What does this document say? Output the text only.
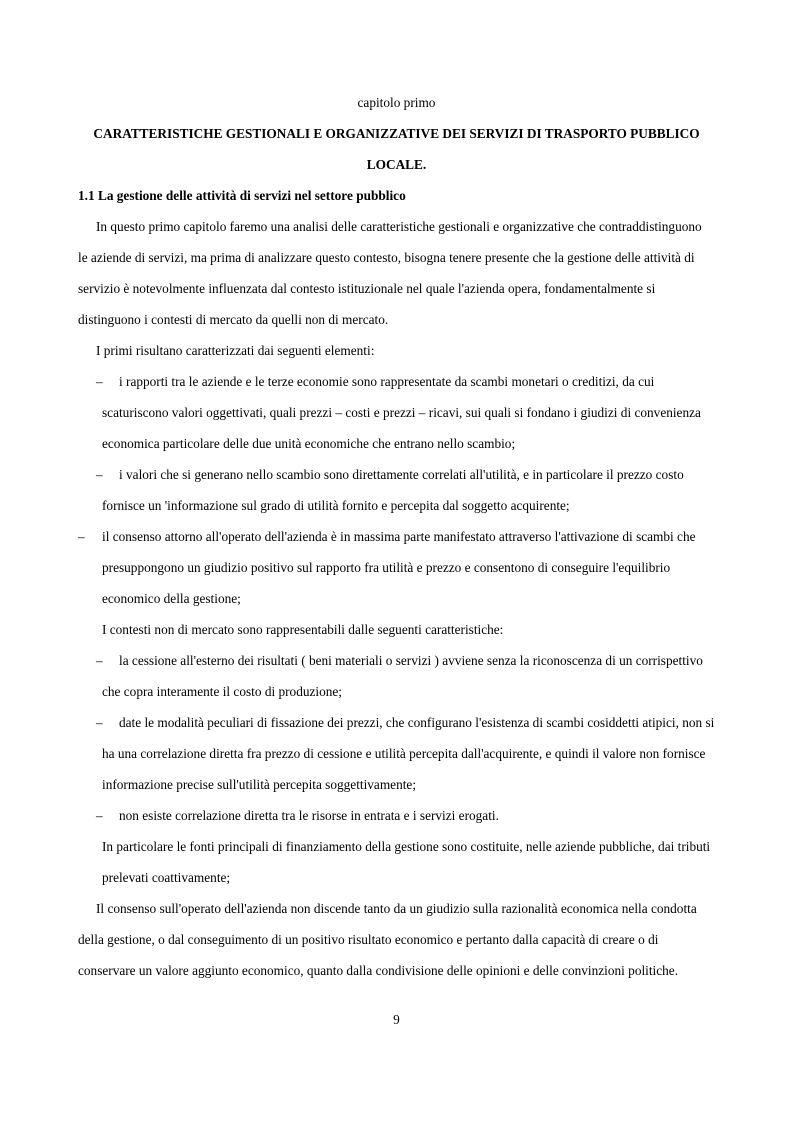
capitolo primo
CARATTERISTICHE GESTIONALI E ORGANIZZATIVE DEI SERVIZI DI TRASPORTO PUBBLICO
LOCALE.
1.1 La gestione delle attività di servizi nel settore pubblico
In questo primo capitolo faremo una analisi delle caratteristiche gestionali e organizzative che contraddistinguono
le aziende di servizi, ma prima di analizzare questo contesto, bisogna tenere presente che la gestione delle attività di
servizio è notevolmente influenzata dal contesto istituzionale nel quale l'azienda opera, fondamentalmente si
distinguono i contesti di mercato da quelli non di mercato.
I primi risultano caratterizzati dai seguenti elementi:
– i rapporti tra le aziende e le terze economie sono rappresentate da scambi monetari o creditizi, da cui
scaturiscono valori oggettivati, quali prezzi – costi e prezzi – ricavi, sui quali si fondano i giudizi di convenienza
economica particolare delle due unità economiche che entrano nello scambio;
– i valori che si generano nello scambio sono direttamente correlati all'utilità, e in particolare il prezzo costo
fornisce un 'informazione sul grado di utilità fornito e percepita dal soggetto acquirente;
– il consenso attorno all'operato dell'azienda è in massima parte manifestato attraverso l'attivazione di scambi che
presuppongono un giudizio positivo sul rapporto fra utilità e prezzo e consentono di conseguire l'equilibrio
economico della gestione;
I contesti non di mercato sono rappresentabili dalle seguenti caratteristiche:
– la cessione all'esterno dei risultati ( beni materiali o servizi ) avviene senza la riconoscenza di un corrispettivo
che copra interamente il costo di produzione;
– date le modalità peculiari di fissazione dei prezzi, che configurano l'esistenza di scambi cosiddetti atipici, non si
ha una correlazione diretta fra prezzo di cessione e utilità percepita dall'acquirente, e quindi il valore non fornisce
informazione precise sull'utilità percepita soggettivamente;
– non esiste correlazione diretta tra le risorse in entrata e i servizi erogati.
In particolare le fonti principali di finanziamento della gestione sono costituite, nelle aziende pubbliche, dai tributi
prelevati coattivamente;
Il consenso sull'operato dell'azienda non discende tanto da un giudizio sulla razionalità economica nella condotta
della gestione, o dal conseguimento di un positivo risultato economico e pertanto dalla capacità di creare o di
conservare un valore aggiunto economico, quanto dalla condivisione delle opinioni e delle convinzioni politiche.
9
